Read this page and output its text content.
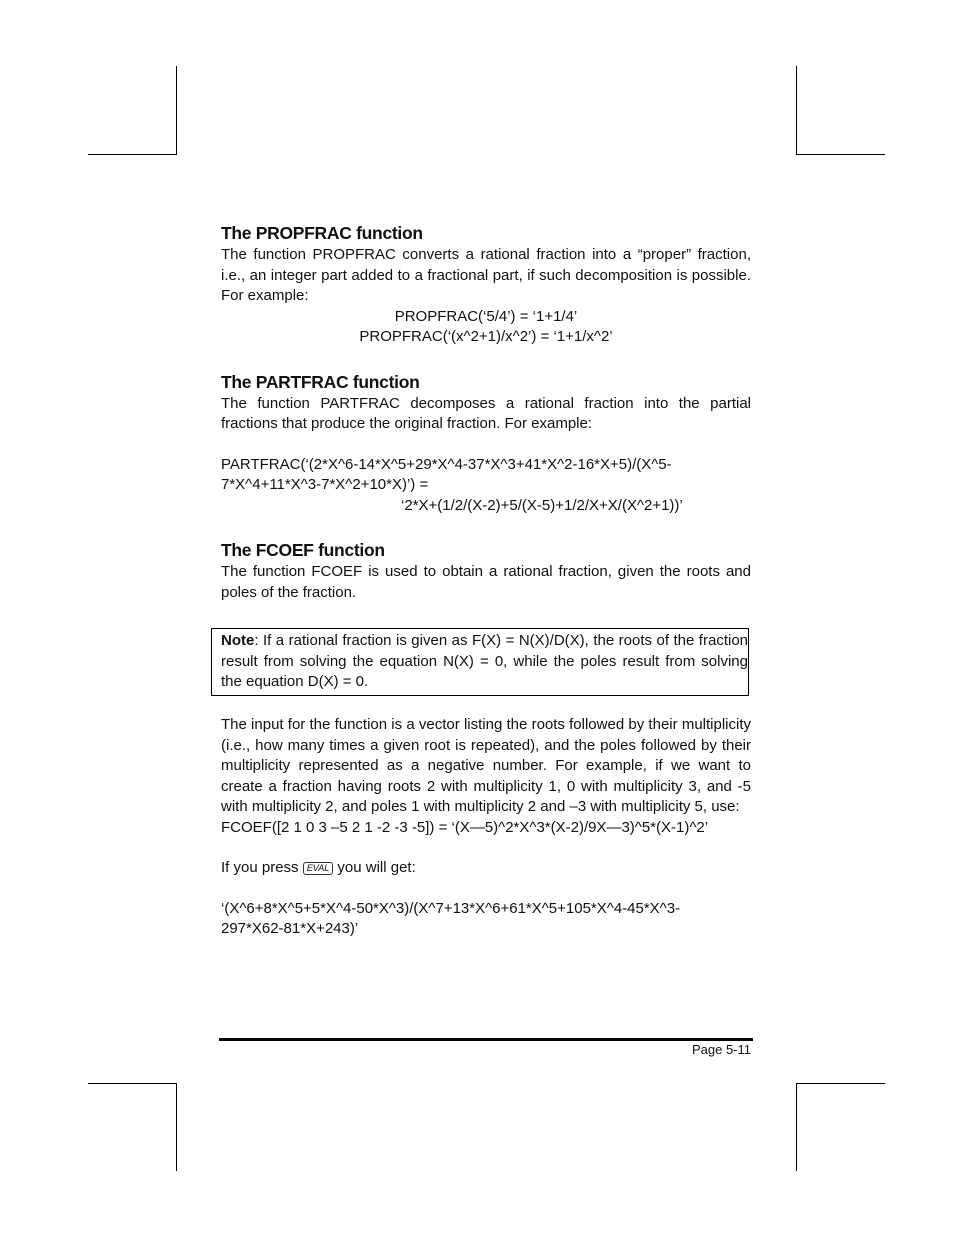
The PROPFRAC function

The function PROPFRAC converts a rational fraction into a “proper” fraction, i.e., an integer part added to a fractional part, if such decomposition is possible. For example:

PROPFRAC(‘5/4’) = ‘1+1/4’
PROPFRAC(‘(x^2+1)/x^2’) = ‘1+1/x^2’
The PARTFRAC function

The function PARTFRAC decomposes a rational fraction into the partial fractions that produce the original fraction. For example:

PARTFRAC(‘(2*X^6-14*X^5+29*X^4-37*X^3+41*X^2-16*X+5)/(X^5-
7*X^4+11*X^3-7*X^2+10*X)’) =
‘2*X+(1/2/(X-2)+5/(X-5)+1/2/X+X/(X^2+1))’
The FCOEF function

The function FCOEF is used to obtain a rational fraction, given the roots and poles of the fraction.

Note: If a rational fraction is given as F(X) = N(X)/D(X), the roots of the fraction result from solving the equation N(X) = 0, while the poles result from solving the equation D(X) = 0.

The input for the function is a vector listing the roots followed by their multiplicity (i.e., how many times a given root is repeated), and the poles followed by their multiplicity represented as a negative number. For example, if we want to create a fraction having roots 2 with multiplicity 1, 0 with multiplicity 3, and -5 with multiplicity 2, and poles 1 with multiplicity 2 and –3 with multiplicity 5, use:

FCOEF([2 1 0 3 –5 2 1 -2 -3 -5]) = ‘(X—5)^2*X^3*(X-2)/9X—3)^5*(X-1)^2’
If you press EVAL you will get:
‘(X^6+8*X^5+5*X^4-50*X^3)/(X^7+13*X^6+61*X^5+105*X^4-45*X^3-
297*X62-81*X+243)’
Page 5-11
